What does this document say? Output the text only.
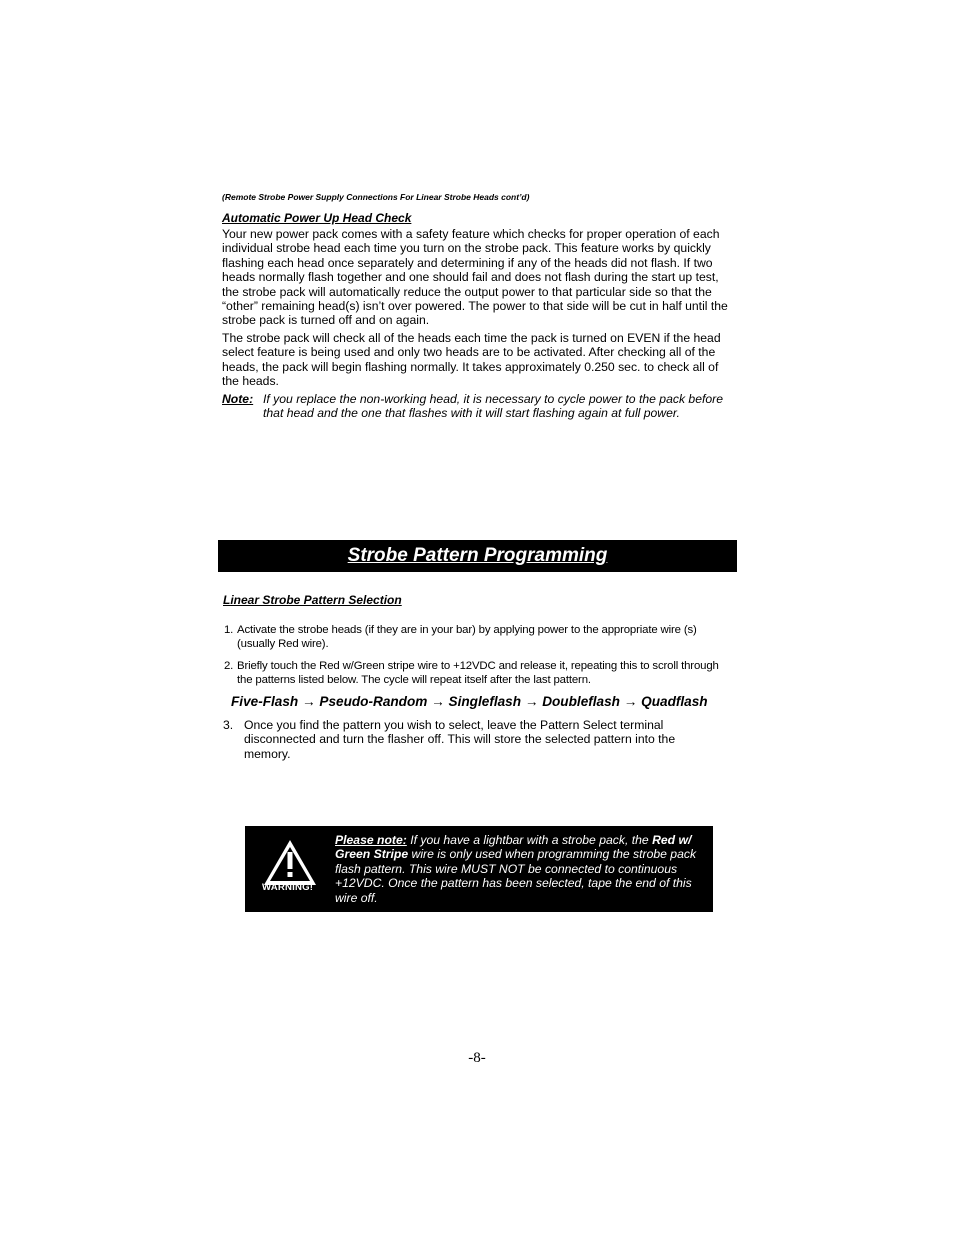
(Remote Strobe Power Supply Connections For Linear Strobe Heads cont’d)
Automatic Power Up Head Check

Your new power pack comes with a safety feature which checks for proper operation of each individual strobe head each time you turn on the strobe pack. This feature works by quickly flashing each head once separately and determining if any of the heads did not flash. If two heads normally flash together and one should fail and does not flash during the start up test, the strobe pack will automatically reduce the output power to that particular side so that the “other” remaining head(s) isn’t over powered. The power to that side will be cut in half until the strobe pack is turned off and on again.

The strobe pack will check all of the heads each time the pack is turned on EVEN if the head select feature is being used and only two heads are to be activated. After checking all of the heads, the pack will begin flashing normally. It takes approximately 0.250 sec. to check all of the heads.

Note: If you replace the non-working head, it is necessary to cycle power to the pack before that head and the one that flashes with it will start flashing again at full power.
Strobe Pattern Programming
Linear Strobe Pattern Selection
1. Activate the strobe heads (if they are in your bar) by applying power to the appropriate wire (s) (usually Red wire).
2. Briefly touch the Red w/Green stripe wire to +12VDC and release it, repeating this to scroll through the patterns listed below. The cycle will repeat itself after the last pattern.
Five-Flash → Pseudo-Random → Singleflash → Doubleflash → Quadflash
3. Once you find the pattern you wish to select, leave the Pattern Select terminal disconnected and turn the flasher off. This will store the selected pattern into the memory.
WARNING!
Please note: If you have a lightbar with a strobe pack, the Red w/ Green Stripe wire is only used when programming the strobe pack flash pattern. This wire MUST NOT be connected to continuous +12VDC. Once the pattern has been selected, tape the end of this wire off.
-8-
